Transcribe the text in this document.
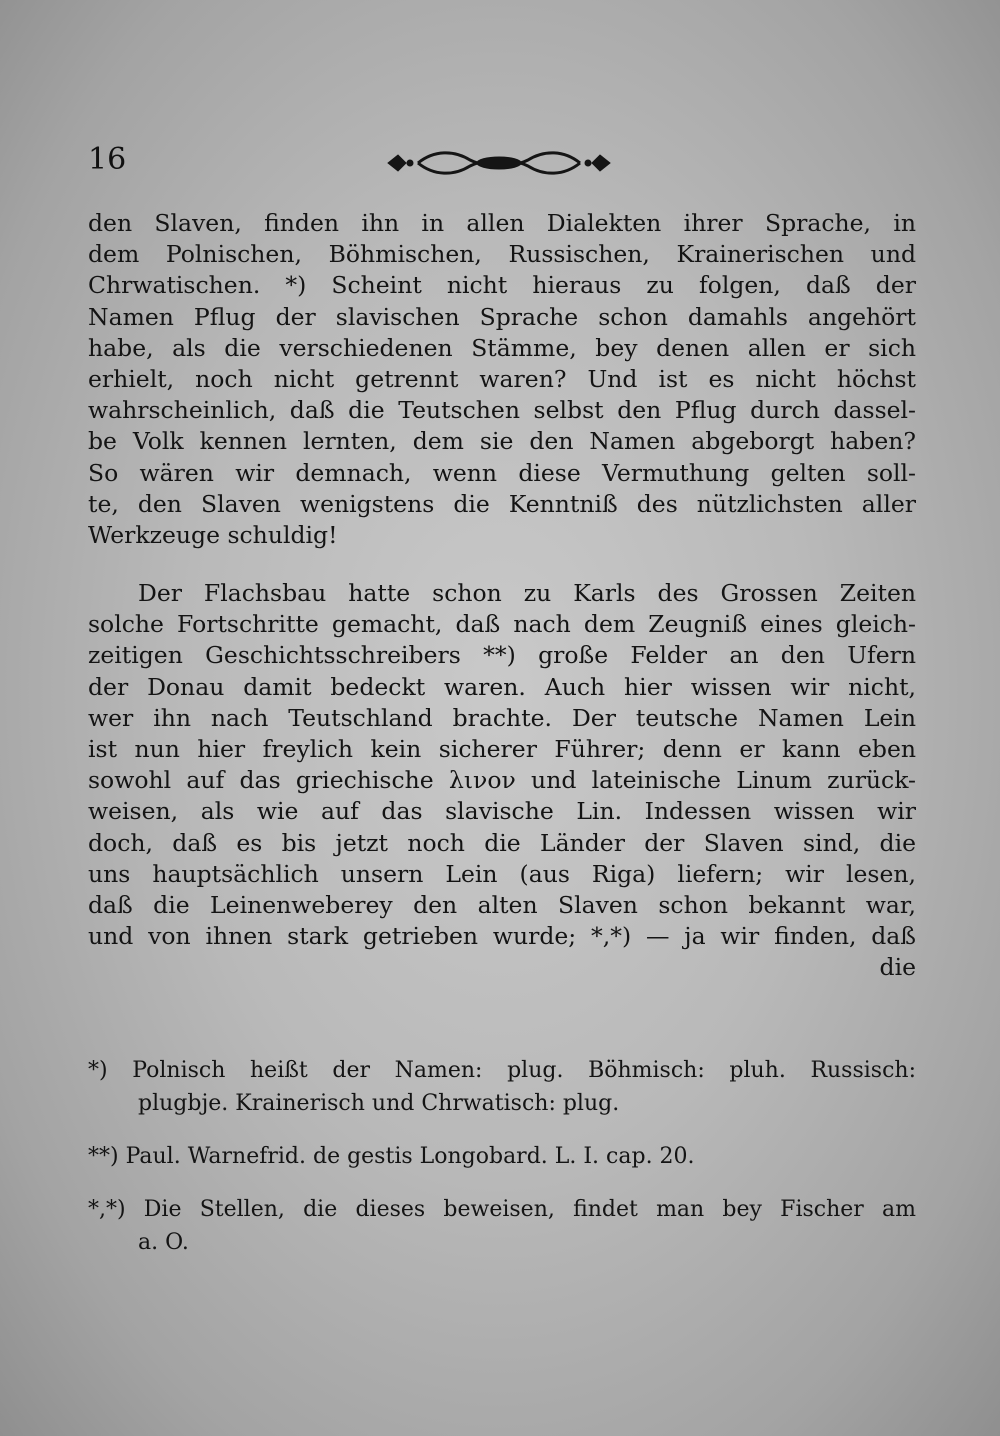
16
den Slaven, finden ihn in allen Dialekten ihrer Sprache, in
dem Polnischen, Böhmischen, Russischen, Krainerischen und
Chrwatischen. *) Scheint nicht hieraus zu folgen, daß der
Namen Pflug der slavischen Sprache schon damahls angehört
habe, als die verschiedenen Stämme, bey denen allen er sich
erhielt, noch nicht getrennt waren? Und ist es nicht höchst
wahrscheinlich, daß die Teutschen selbst den Pflug durch dassel-
be Volk kennen lernten, dem sie den Namen abgeborgt haben?
So wären wir demnach, wenn diese Vermuthung gelten soll-
te, den Slaven wenigstens die Kenntniß des nützlichsten aller
Werkzeuge schuldig!
Der Flachsbau hatte schon zu Karls des Grossen Zeiten
solche Fortschritte gemacht, daß nach dem Zeugniß eines gleich-
zeitigen Geschichtsschreibers **) große Felder an den Ufern
der Donau damit bedeckt waren. Auch hier wissen wir nicht,
wer ihn nach Teutschland brachte. Der teutsche Namen Lein
ist nun hier freylich kein sicherer Führer; denn er kann eben
sowohl auf das griechische λινον und lateinische Linum zurück-
weisen, als wie auf das slavische Lin. Indessen wissen wir
doch, daß es bis jetzt noch die Länder der Slaven sind, die
uns hauptsächlich unsern Lein (aus Riga) liefern; wir lesen,
daß die Leinenweberey den alten Slaven schon bekannt war,
und von ihnen stark getrieben wurde; *,*) — ja wir finden, daß
die
*) Polnisch heißt der Namen: plug. Böhmisch: pluh. Russisch:
plugbje. Krainerisch und Chrwatisch: plug.
**) Paul. Warnefrid. de gestis Longobard. L. I. cap. 20.
*,*) Die Stellen, die dieses beweisen, findet man bey Fischer am
a. O.
